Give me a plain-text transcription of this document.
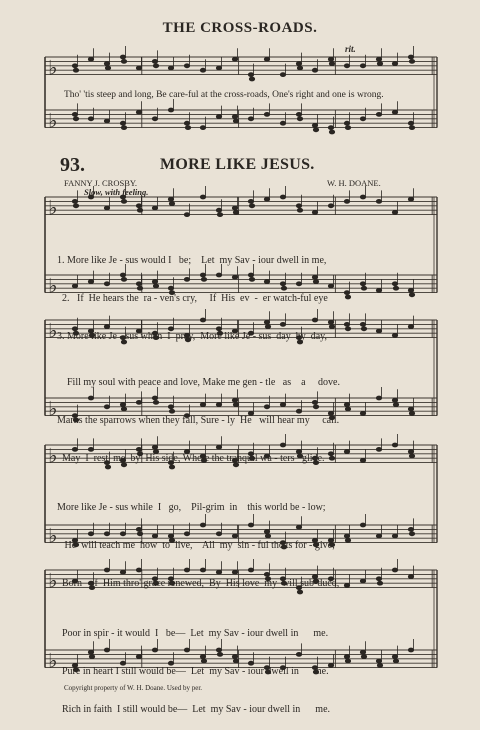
♭
♭
♭
♭
♭
♭
♭
♭
♭
♭
THE CROSS-ROADS.
rit.
Tho' 'tis steep and long, Be care-ful at the cross-roads, One's right and one is wrong.
93.	MORE LIKE JESUS.
FANNY J. CROSBY.	W. H. DOANE.
Slow, with feeling.

1. More like Je - sus would I   be;    Let  my Sav - iour dwell in me,

2.   If  He hears the  ra - ven's cry,     If  His  ev  -  er watch-ful eye

3. More like Je - sus when  I  pray,  More like Je - sus  day  by  day,

Fill my soul with peace and love, Make me gen - tle   as    a     dove.

Marks the sparrows when they fall, Sure - ly  He   will hear my     call.

May  I  rest  me  by  His side, Where the tranquil wa - ters   glide.

More like Je - sus while  I   go,    Pil-grim  in    this world be - low;

He  will teach me  how  to  live,    All  my  sin - ful tho'ts for - give;

Born   of  Him thro' grace renewed,  By  His love  my  will sub-dued,

Poor in spir - it would  I   be—  Let  my Sav - iour dwell in      me.

Pure in heart I still would be—  Let  my Sav - iour dwell in      me.

Rich in faith  I still would be—  Let  my Sav - iour dwell in      me.

Copyright property of W. H. Doane. Used by per.
